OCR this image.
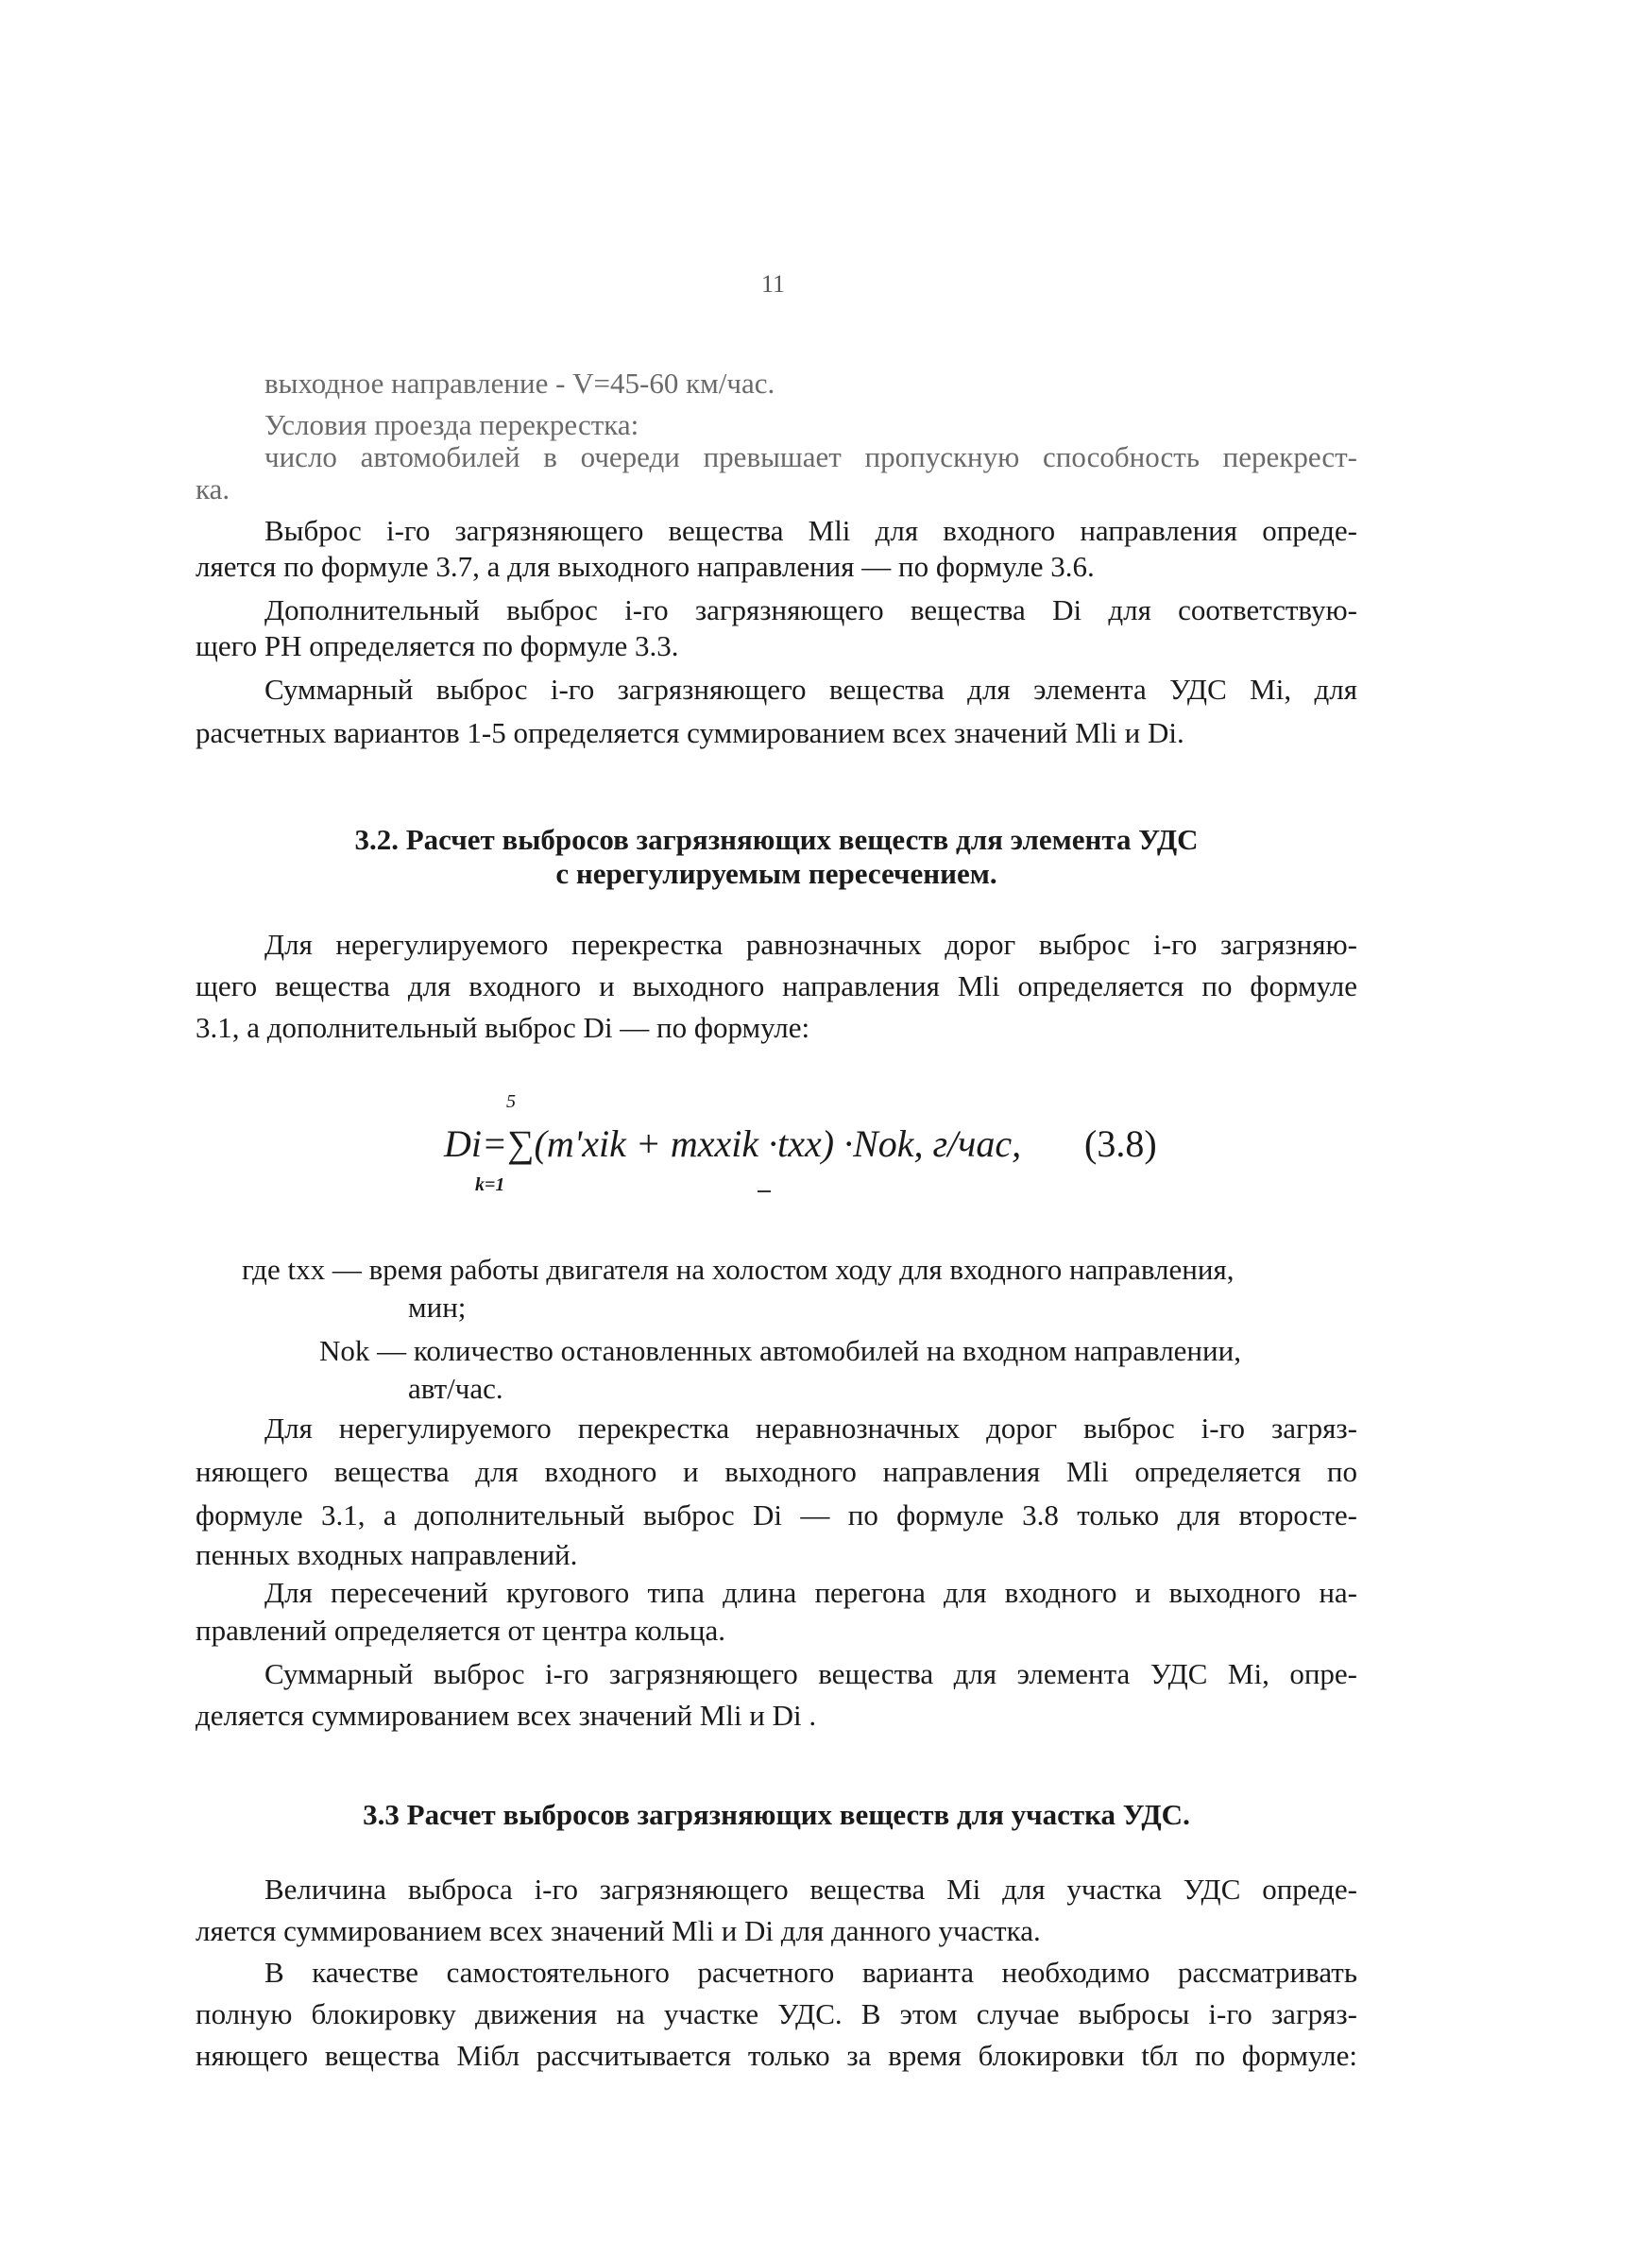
11
выходное направление - V=45-60 км/час.
Условия проезда перекрестка:
число автомобилей в очереди превышает пропускную способность перекрест-
ка.
Выброс i-го загрязняющего вещества Mli для входного направления опреде-
ляется по формуле 3.7, а для выходного направления — по формуле 3.6.
Дополнительный выброс i-го загрязняющего вещества Di для соответствую-
щего РН определяется по формуле 3.3.
Суммарный выброс i-го загрязняющего вещества для элемента УДС Mi, для
расчетных вариантов 1-5 определяется суммированием всех значений Mli и Di.
3.2. Расчет выбросов загрязняющих веществ для элемента УДС
с нерегулируемым пересечением.
Для нерегулируемого перекрестка равнозначных дорог выброс i-го загрязняю-
щего вещества для входного и выходного направления Mli определяется по формуле
3.1, а дополнительный выброс Di — по формуле:
5
Di=∑(m'xik + mxxik ·txx) ·Nok, г/час, (3.8)
k=1
где txx — время работы двигателя на холостом ходу для входного направления,
мин;
Nok — количество остановленных автомобилей на входном направлении,
авт/час.
Для нерегулируемого перекрестка неравнозначных дорог выброс i-го загряз-
няющего вещества для входного и выходного направления Mli определяется по
формуле 3.1, а дополнительный выброс Di — по формуле 3.8 только для второсте-
пенных входных направлений.
Для пересечений кругового типа длина перегона для входного и выходного на-
правлений определяется от центра кольца.
Суммарный выброс i-го загрязняющего вещества для элемента УДС Mi, опре-
деляется суммированием всех значений Mli и Di .
3.3 Расчет выбросов загрязняющих веществ для участка УДС.
Величина выброса i-го загрязняющего вещества Mi для участка УДС опреде-
ляется суммированием всех значений Mli и Di для данного участка.
В качестве самостоятельного расчетного варианта необходимо рассматривать
полную блокировку движения на участке УДС. В этом случае выбросы i-го загряз-
няющего вещества Miбл рассчитывается только за время блокировки tбл по формуле:
